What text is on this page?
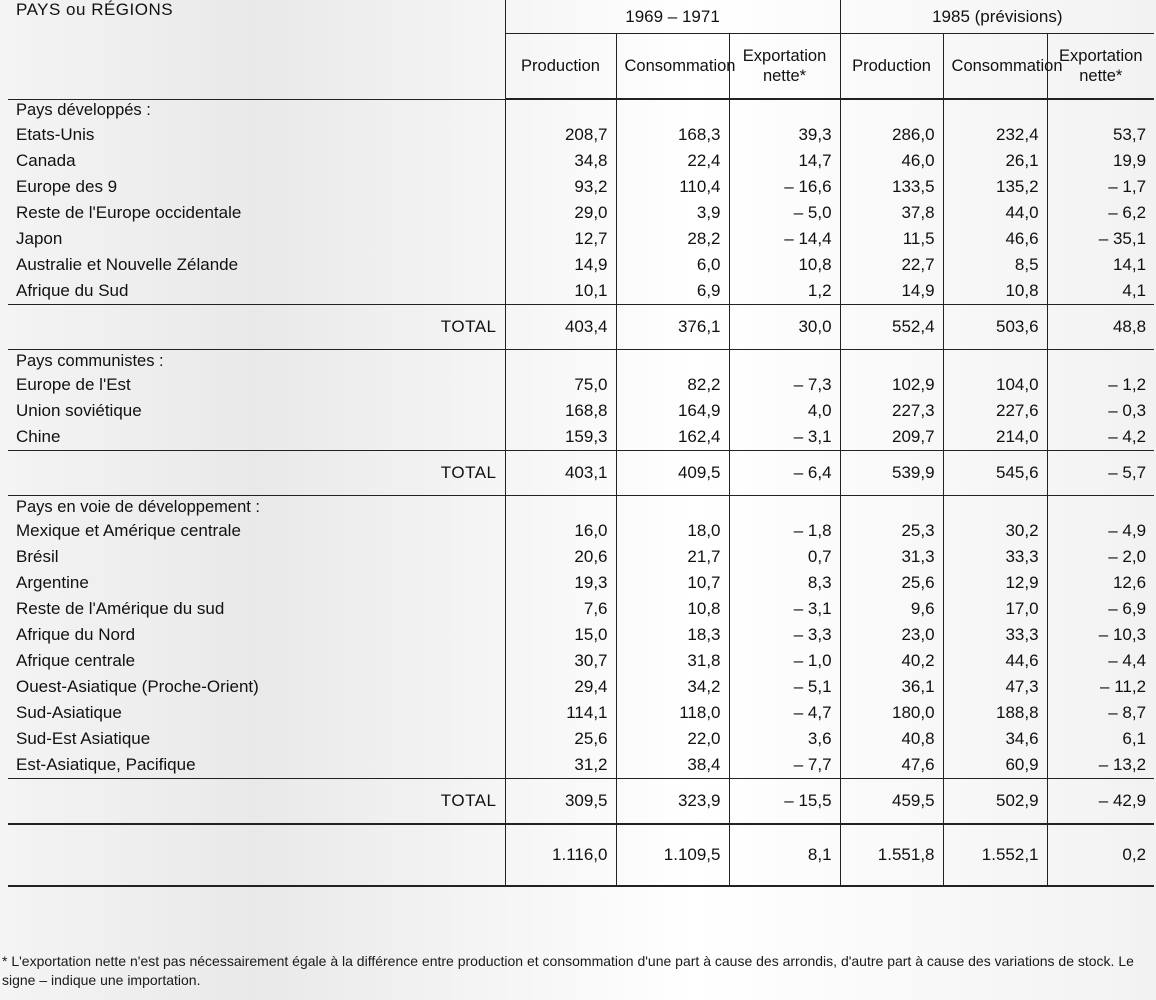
PAYS ou RÉGIONS	1969 – 1971			1985 (prévisions)		
	Production	Consommation	Exportation nette*	Production	Consommation	Exportation nette*
Pays développés :						
Etats-Unis	208,7	168,3	39,3	286,0	232,4	53,7
Canada	34,8	22,4	14,7	46,0	26,1	19,9
Europe des 9	93,2	110,4	– 16,6	133,5	135,2	– 1,7
Reste de l'Europe occidentale	29,0	3,9	– 5,0	37,8	44,0	– 6,2
Japon	12,7	28,2	– 14,4	11,5	46,6	– 35,1
Australie et Nouvelle Zélande	14,9	6,0	10,8	22,7	8,5	14,1
Afrique du Sud	10,1	6,9	1,2	14,9	10,8	4,1
TOTAL	403,4	376,1	30,0	552,4	503,6	48,8
Pays communistes :						
Europe de l'Est	75,0	82,2	– 7,3	102,9	104,0	– 1,2
Union soviétique	168,8	164,9	4,0	227,3	227,6	– 0,3
Chine	159,3	162,4	– 3,1	209,7	214,0	– 4,2
TOTAL	403,1	409,5	– 6,4	539,9	545,6	– 5,7
Pays en voie de développement :						
Mexique et Amérique centrale	16,0	18,0	– 1,8	25,3	30,2	– 4,9
Brésil	20,6	21,7	0,7	31,3	33,3	– 2,0
Argentine	19,3	10,7	8,3	25,6	12,9	12,6
Reste de l'Amérique du sud	7,6	10,8	– 3,1	9,6	17,0	– 6,9
Afrique du Nord	15,0	18,3	– 3,3	23,0	33,3	– 10,3
Afrique centrale	30,7	31,8	– 1,0	40,2	44,6	– 4,4
Ouest-Asiatique (Proche-Orient)	29,4	34,2	– 5,1	36,1	47,3	– 11,2
Sud-Asiatique	114,1	118,0	– 4,7	180,0	188,8	– 8,7
Sud-Est Asiatique	25,6	22,0	3,6	40,8	34,6	6,1
Est-Asiatique, Pacifique	31,2	38,4	– 7,7	47,6	60,9	– 13,2
TOTAL	309,5	323,9	– 15,5	459,5	502,9	– 42,9
	1.116,0	1.109,5	8,1	1.551,8	1.552,1	0,2
* L'exportation nette n'est pas nécessairement égale à la différence entre production et consommation d'une part à cause des arrondis, d'autre part à cause des variations de stock. Le signe – indique une importation.
